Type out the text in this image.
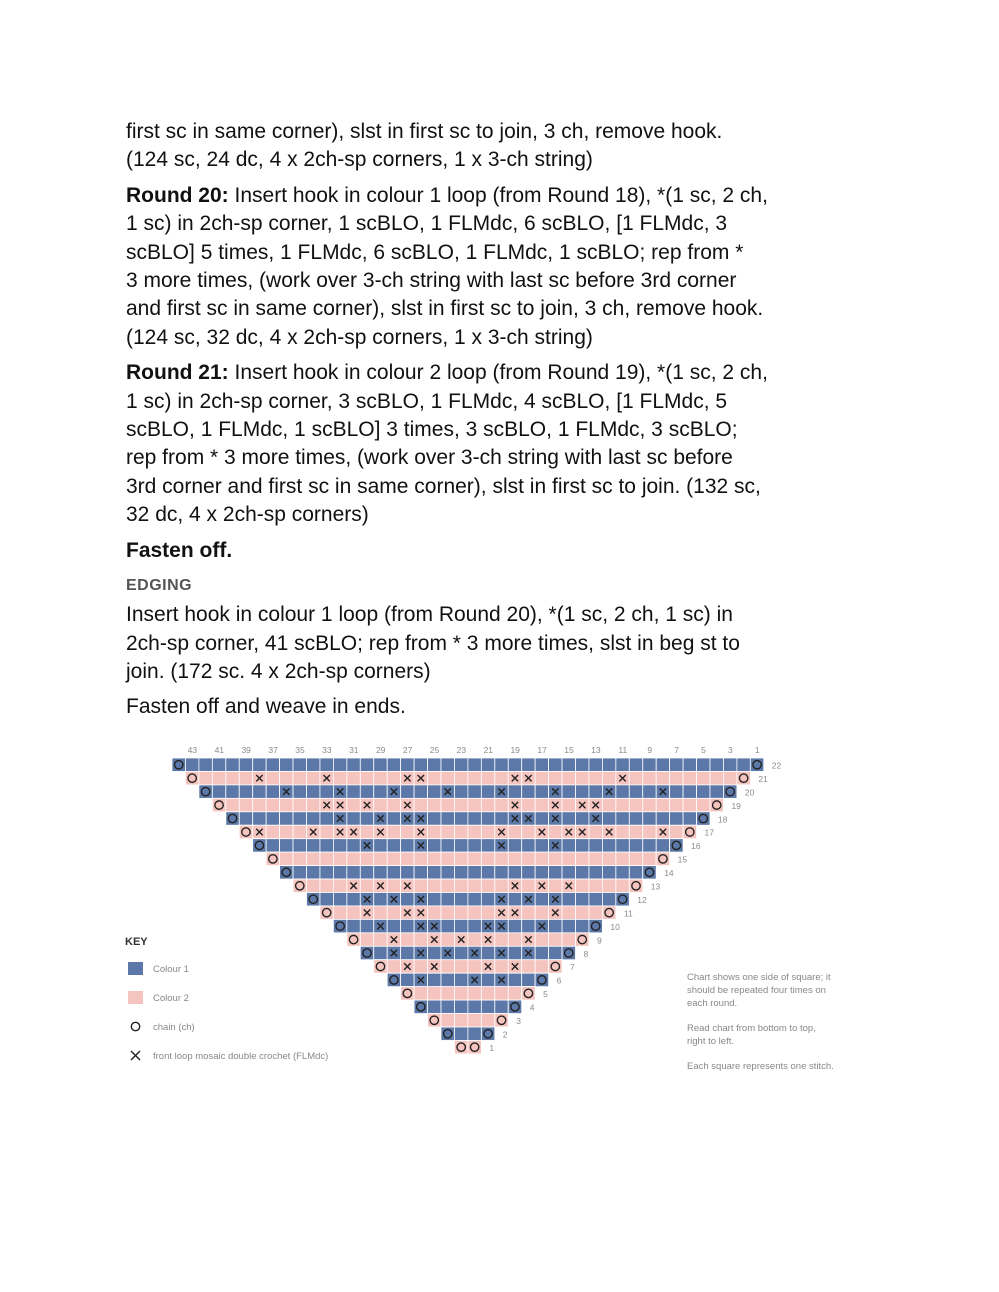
first sc in same corner), slst in first sc to join, 3 ch, remove hook.

(124 sc, 24 dc, 4 x 2ch-sp corners, 1 x 3-ch string)

Round 20: Insert hook in colour 1 loop (from Round 18), *(1 sc, 2 ch,

1 sc) in 2ch-sp corner, 1 scBLO, 1 FLMdc, 6 scBLO, [1 FLMdc, 3

scBLO] 5 times, 1 FLMdc, 6 scBLO, 1 FLMdc, 1 scBLO; rep from *

3 more times, (work over 3-ch string with last sc before 3rd corner

and first sc in same corner), slst in first sc to join, 3 ch, remove hook.

(124 sc, 32 dc, 4 x 2ch-sp corners, 1 x 3-ch string)

Round 21: Insert hook in colour 2 loop (from Round 19), *(1 sc, 2 ch,

1 sc) in 2ch-sp corner, 3 scBLO, 1 FLMdc, 4 scBLO, [1 FLMdc, 5

scBLO, 1 FLMdc, 1 scBLO] 3 times, 3 scBLO, 1 FLMdc, 3 scBLO;

rep from * 3 more times, (work over 3-ch string with last sc before

3rd corner and first sc in same corner), slst in first sc to join. (132 sc,

32 dc, 4 x 2ch-sp corners)

Fasten off.

EDGING

Insert hook in colour 1 loop (from Round 20), *(1 sc, 2 ch, 1 sc) in

2ch-sp corner, 41 scBLO; rep from * 3 more times, slst in beg st to

join. (172 sc. 4 x 2ch-sp corners)

Fasten off and weave in ends.

22
21
20
19
18
17
16
15
14
13
12
11
10
9
8
7
6
5
4
3
2
1
43 41 39 37 35 33 31 29 27 25 23 21 19 17 15 13 11 9	7	5	3	1
KEY
Colour 1
Colour 2
chain (ch)
front loop mosaic double crochet (FLMdc)
Chart shows one side of square; it
should be repeated four times on
each round.
Read chart from bottom to top,
right to left.
Each square represents one stitch.
